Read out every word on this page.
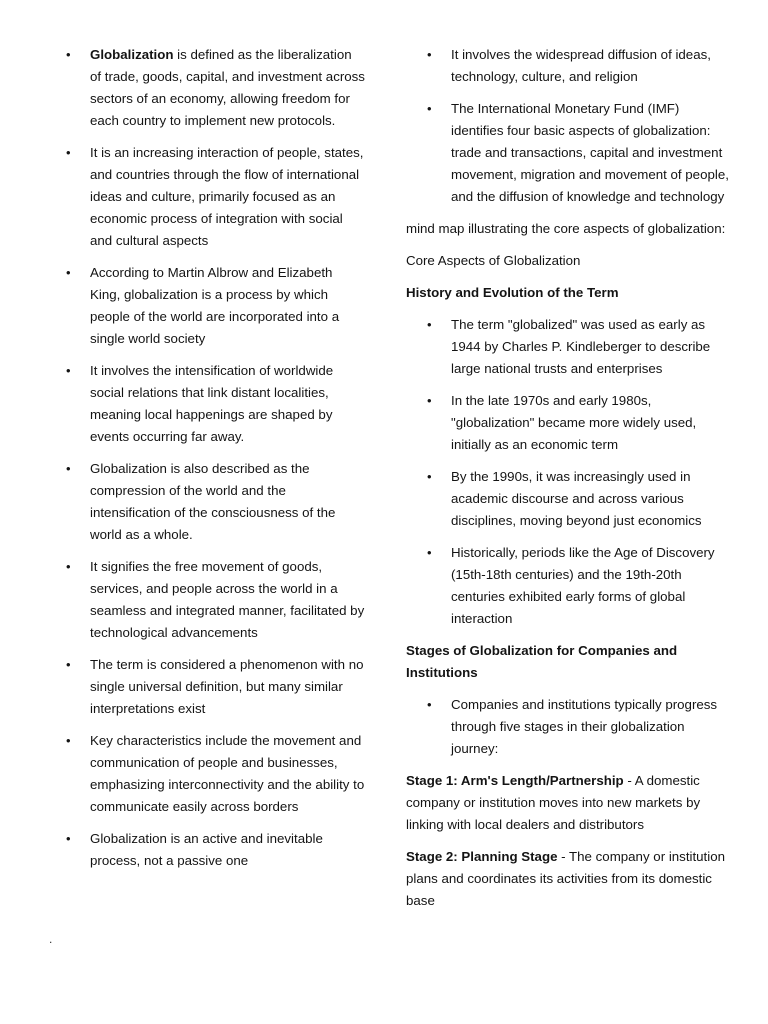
• Globalization is defined as the liberalization of trade, goods, capital, and investment across sectors of an economy, allowing freedom for each country to implement new protocols.
• It is an increasing interaction of people, states, and countries through the flow of international ideas and culture, primarily focused as an economic process of integration with social and cultural aspects
• According to Martin Albrow and Elizabeth King, globalization is a process by which people of the world are incorporated into a single world society
• It involves the intensification of worldwide social relations that link distant localities, meaning local happenings are shaped by events occurring far away.
• Globalization is also described as the compression of the world and the intensification of the consciousness of the world as a whole.
• It signifies the free movement of goods, services, and people across the world in a seamless and integrated manner, facilitated by technological advancements
• The term is considered a phenomenon with no single universal definition, but many similar interpretations exist
• Key characteristics include the movement and communication of people and businesses, emphasizing interconnectivity and the ability to communicate easily across borders
• Globalization is an active and inevitable process, not a passive one
• It involves the widespread diffusion of ideas, technology, culture, and religion
• The International Monetary Fund (IMF) identifies four basic aspects of globalization: trade and transactions, capital and investment movement, migration and movement of people, and the diffusion of knowledge and technology

mind map illustrating the core aspects of globalization:

Core Aspects of Globalization

History and Evolution of the Term

• The term "globalized" was used as early as 1944 by Charles P. Kindleberger to describe large national trusts and enterprises
• In the late 1970s and early 1980s, "globalization" became more widely used, initially as an economic term
• By the 1990s, it was increasingly used in academic discourse and across various disciplines, moving beyond just economics
• Historically, periods like the Age of Discovery (15th-18th centuries) and the 19th-20th centuries exhibited early forms of global interaction

Stages of Globalization for Companies and Institutions

• Companies and institutions typically progress through five stages in their globalization journey:

Stage 1: Arm's Length/Partnership - A domestic company or institution moves into new markets by linking with local dealers and distributors

Stage 2: Planning Stage - The company or institution plans and coordinates its activities from its domestic base

.
